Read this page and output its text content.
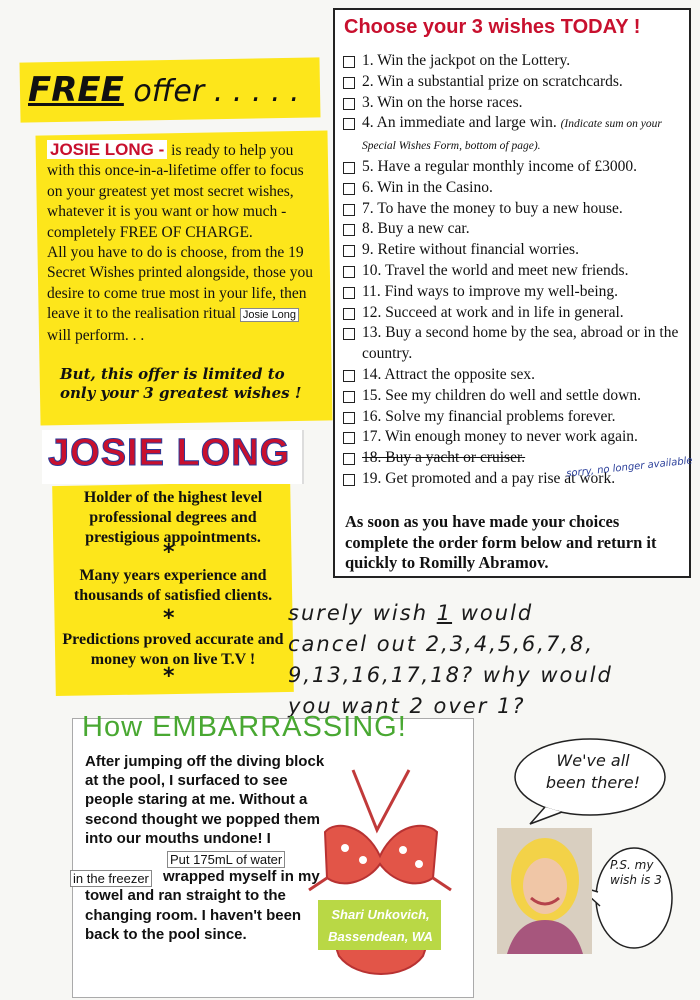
FREE offer . . . . .
JOSIE LONG - is ready to help you with this once-in-a-lifetime offer to focus on your greatest yet most secret wishes, whatever it is you want or how much - completely FREE OF CHARGE.
All you have to do is choose, from the 19 Secret Wishes printed alongside, those you desire to come true most in your life, then leave it to the realisation ritual Josie Long will perform. . .
But, this offer is limited to only your 3 greatest wishes !
JOSIE LONG
Holder of the highest level professional degrees and prestigious appointments.
*
Many years experience and thousands of satisfied clients.
*
Predictions proved accurate and money won on live T.V !
*
Choose your 3 wishes TODAY !
1. Win the jackpot on the Lottery.
2. Win a substantial prize on scratchcards.
3. Win on the horse races.
4. An immediate and large win. (Indicate sum on your Special Wishes Form, bottom of page).
5. Have a regular monthly income of £3000.
6. Win in the Casino.
7. To have the money to buy a new house.
8. Buy a new car.
9. Retire without financial worries.
10. Travel the world and meet new friends.
11. Find ways to improve my well-being.
12. Succeed at work and in life in general.
13. Buy a second home by the sea, abroad or in the country.
14. Attract the opposite sex.
15. See my children do well and settle down.
16. Solve my financial problems forever.
17. Win enough money to never work again.
18. Buy a yacht or cruiser.
19. Get promoted and a pay rise at work.
sorry, no longer available
As soon as you have made your choices complete the order form below and return it quickly to Romilly Abramov.
surely wish 1 would
cancel out 2,3,4,5,6,7,8,
9,13,16,17,18? why would
you want 2 over 1?
How EMBARRASSING!
After jumping off the diving block at the pool, I surfaced to see people staring at me. Without a second thought we popped them into our mouths undone! I
wrapped myself in my towel and ran straight to the changing room. I haven't been back to the pool since.
Put 175mL of water
in the freezer
Shari Unkovich, Bassendean, WA
We've all been there!
P.S. my wish is 3
